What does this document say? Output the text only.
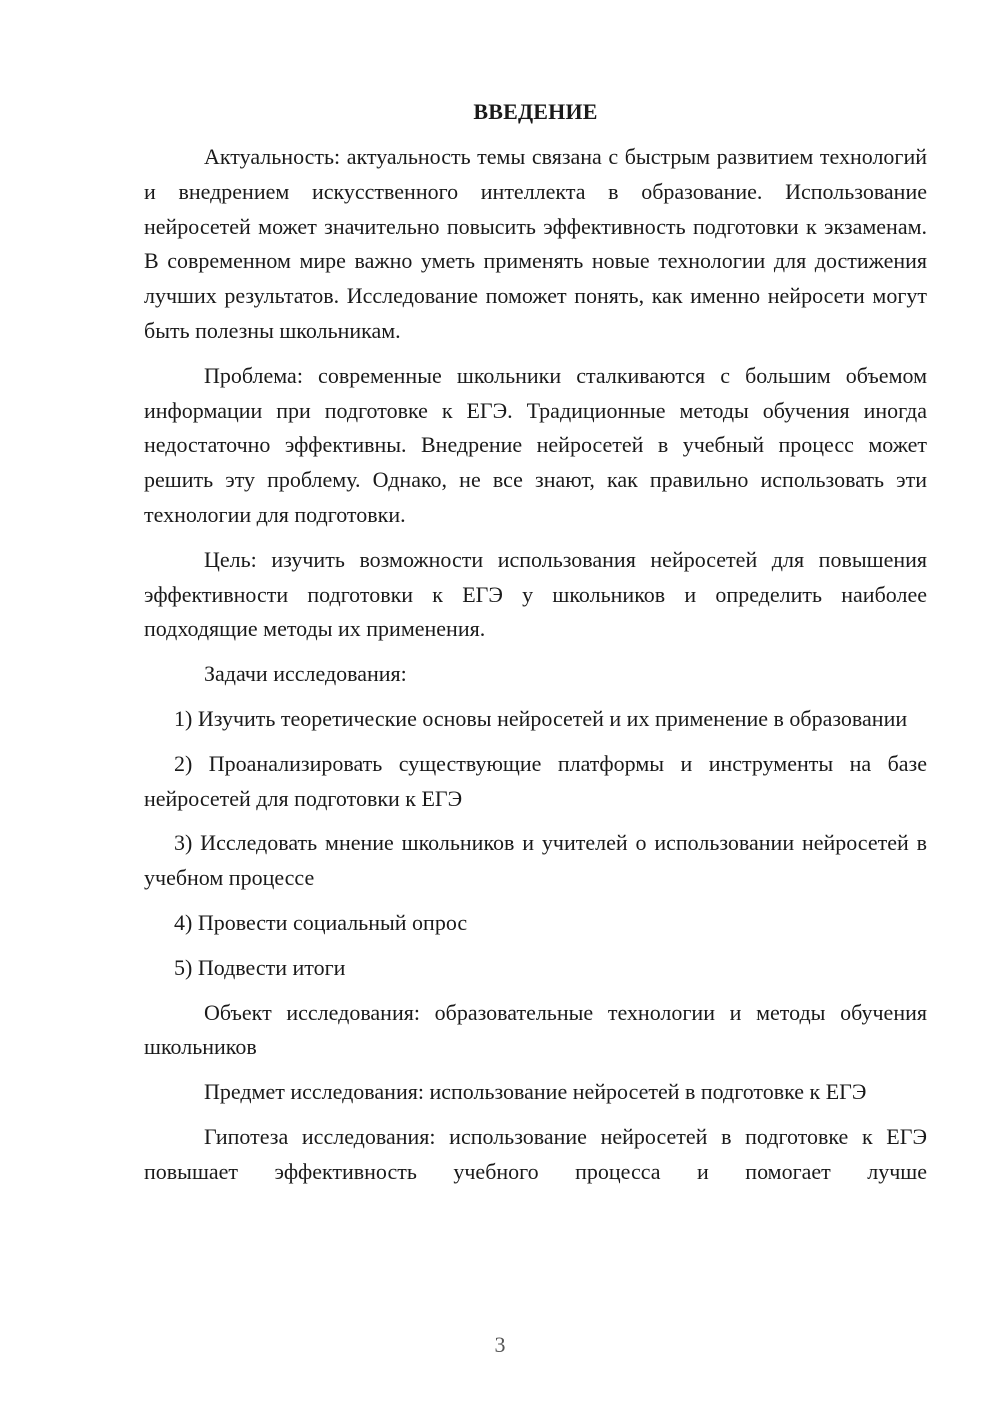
ВВЕДЕНИЕ

Актуальность: актуальность темы связана с быстрым развитием технологий и внедрением искусственного интеллекта в образование. Использование нейросетей может значительно повысить эффективность подготовки к экзаменам. В современном мире важно уметь применять новые технологии для достижения лучших результатов. Исследование поможет понять, как именно нейросети могут быть полезны школьникам.

Проблема: современные школьники сталкиваются с большим объемом информации при подготовке к ЕГЭ. Традиционные методы обучения иногда недостаточно эффективны. Внедрение нейросетей в учебный процесс может решить эту проблему. Однако, не все знают, как правильно использовать эти технологии для подготовки.

Цель: изучить возможности использования нейросетей для повышения эффективности подготовки к ЕГЭ у школьников и определить наиболее подходящие методы их применения.

Задачи исследования:

1) Изучить теоретические основы нейросетей и их применение в образовании

2) Проанализировать существующие платформы и инструменты на базе нейросетей для подготовки к ЕГЭ

3) Исследовать мнение школьников и учителей о использовании нейросетей в учебном процессе

4) Провести социальный опрос

5) Подвести итоги

Объект исследования: образовательные технологии и методы обучения школьников

Предмет исследования: использование нейросетей в подготовке к ЕГЭ

Гипотеза исследования: использование нейросетей в подготовке к ЕГЭ повышает эффективность учебного процесса и помогает лучше

3
